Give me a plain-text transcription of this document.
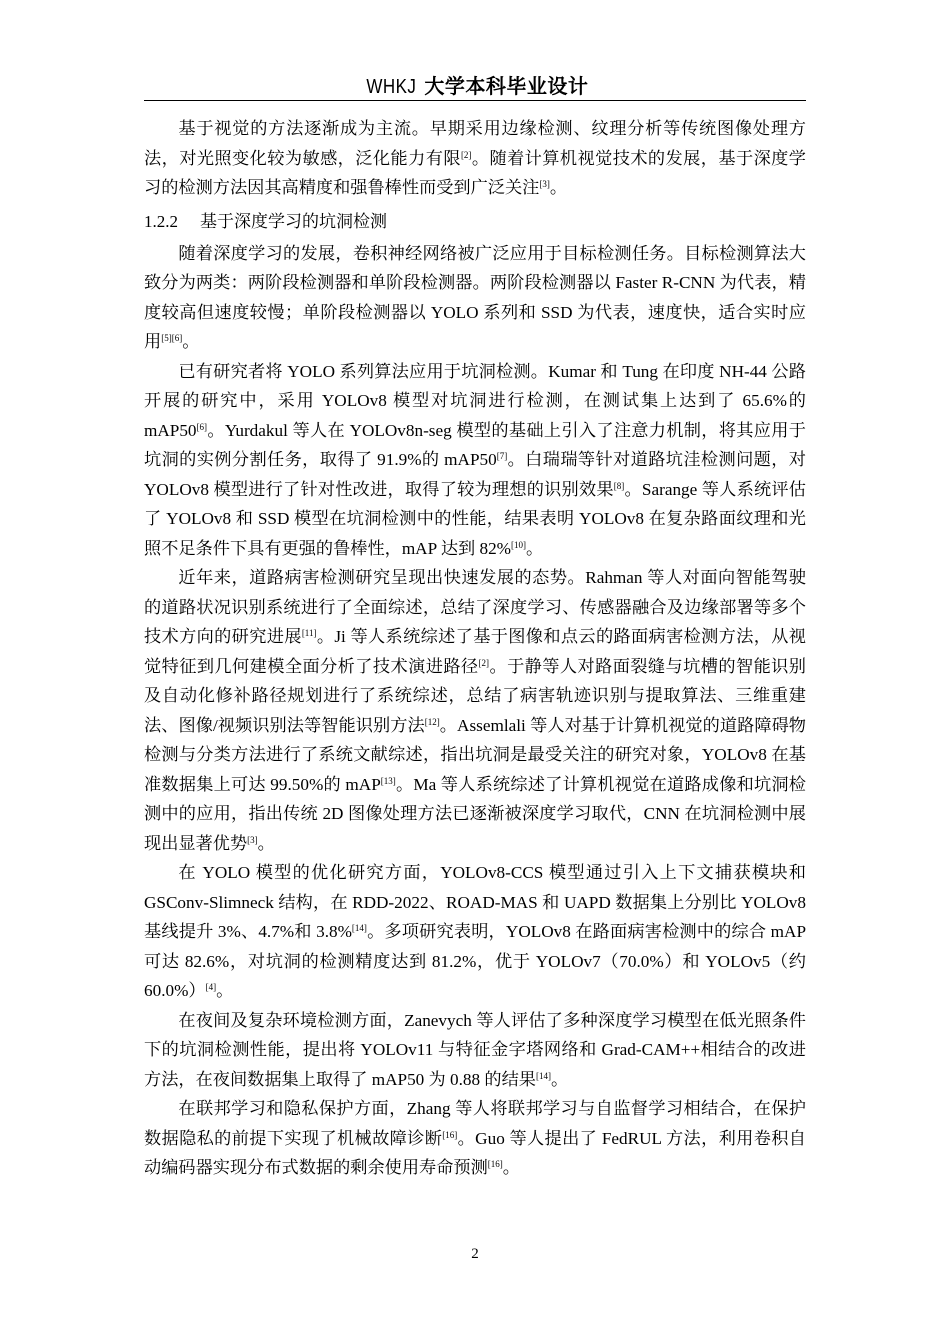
WHKJ 大学本科毕业设计

基于视觉的方法逐渐成为主流。早期采用边缘检测、纹理分析等传统图像处理方法，对光照变化较为敏感，泛化能力有限[2]。随着计算机视觉技术的发展，基于深度学习的检测方法因其高精度和强鲁棒性而受到广泛关注[3]。

1.2.2 基于深度学习的坑洞检测

随着深度学习的发展，卷积神经网络被广泛应用于目标检测任务。目标检测算法大致分为两类：两阶段检测器和单阶段检测器。两阶段检测器以 Faster R-CNN 为代表，精度较高但速度较慢；单阶段检测器以 YOLO 系列和 SSD 为代表，速度快，适合实时应用[5][6]。

已有研究者将 YOLO 系列算法应用于坑洞检测。Kumar 和 Tung 在印度 NH-44 公路开展的研究中，采用 YOLOv8 模型对坑洞进行检测，在测试集上达到了 65.6%的 mAP50[6]。Yurdakul 等人在 YOLOv8n-seg 模型的基础上引入了注意力机制，将其应用于坑洞的实例分割任务，取得了 91.9%的 mAP50[7]。白瑞瑞等针对道路坑洼检测问题，对 YOLOv8 模型进行了针对性改进，取得了较为理想的识别效果[8]。Sarange 等人系统评估了 YOLOv8 和 SSD 模型在坑洞检测中的性能，结果表明 YOLOv8 在复杂路面纹理和光照不足条件下具有更强的鲁棒性，mAP 达到 82%[10]。

近年来，道路病害检测研究呈现出快速发展的态势。Rahman 等人对面向智能驾驶的道路状况识别系统进行了全面综述，总结了深度学习、传感器融合及边缘部署等多个技术方向的研究进展[11]。Ji 等人系统综述了基于图像和点云的路面病害检测方法，从视觉特征到几何建模全面分析了技术演进路径[2]。于静等人对路面裂缝与坑槽的智能识别及自动化修补路径规划进行了系统综述，总结了病害轨迹识别与提取算法、三维重建法、图像/视频识别法等智能识别方法[12]。Assemlali 等人对基于计算机视觉的道路障碍物检测与分类方法进行了系统文献综述，指出坑洞是最受关注的研究对象，YOLOv8 在基准数据集上可达 99.50%的 mAP[13]。Ma 等人系统综述了计算机视觉在道路成像和坑洞检测中的应用，指出传统 2D 图像处理方法已逐渐被深度学习取代，CNN 在坑洞检测中展现出显著优势[3]。

在 YOLO 模型的优化研究方面，YOLOv8-CCS 模型通过引入上下文捕获模块和 GSConv-Slimneck 结构，在 RDD-2022、ROAD-MAS 和 UAPD 数据集上分别比 YOLOv8 基线提升 3%、4.7%和 3.8%[14]。多项研究表明，YOLOv8 在路面病害检测中的综合 mAP 可达 82.6%，对坑洞的检测精度达到 81.2%，优于 YOLOv7（70.0%）和 YOLOv5（约 60.0%）[4]。

在夜间及复杂环境检测方面，Zanevych 等人评估了多种深度学习模型在低光照条件下的坑洞检测性能，提出将 YOLOv11 与特征金字塔网络和 Grad-CAM++相结合的改进方法，在夜间数据集上取得了 mAP50 为 0.88 的结果[14]。

在联邦学习和隐私保护方面，Zhang 等人将联邦学习与自监督学习相结合，在保护数据隐私的前提下实现了机械故障诊断[16]。Guo 等人提出了 FedRUL 方法，利用卷积自动编码器实现分布式数据的剩余使用寿命预测[16]。

2
